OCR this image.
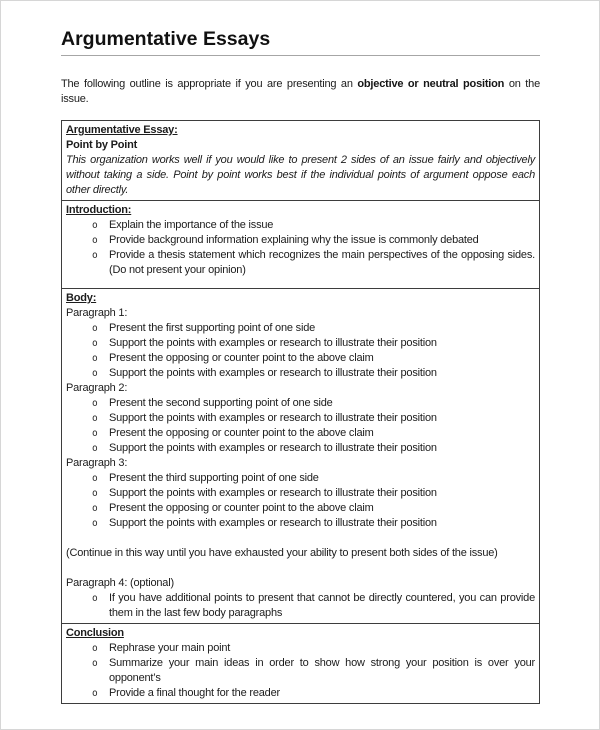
Argumentative Essays
The following outline is appropriate if you are presenting an objective or neutral position on the issue.
Argumentative Essay:
Point by Point
This organization works well if you would like to present 2 sides of an issue fairly and objectively without taking a side. Point by point works best if the individual points of argument oppose each other directly.
Introduction:
o Explain the importance of the issue
o Provide background information explaining why the issue is commonly debated
o Provide a thesis statement which recognizes the main perspectives of the opposing sides. (Do not present your opinion)
Body:
Paragraph 1:
o Present the first supporting point of one side
o Support the points with examples or research to illustrate their position
o Present the opposing or counter point to the above claim
o Support the points with examples or research to illustrate their position
Paragraph 2:
o Present the second supporting point of one side
o Support the points with examples or research to illustrate their position
o Present the opposing or counter point to the above claim
o Support the points with examples or research to illustrate their position
Paragraph 3:
o Present the third supporting point of one side
o Support the points with examples or research to illustrate their position
o Present the opposing or counter point to the above claim
o Support the points with examples or research to illustrate their position
(Continue in this way until you have exhausted your ability to present both sides of the issue)
Paragraph 4: (optional)
o If you have additional points to present that cannot be directly countered, you can provide them in the last few body paragraphs
Conclusion
o Rephrase your main point
o Summarize your main ideas in order to show how strong your position is over your opponent’s
o Provide a final thought for the reader
